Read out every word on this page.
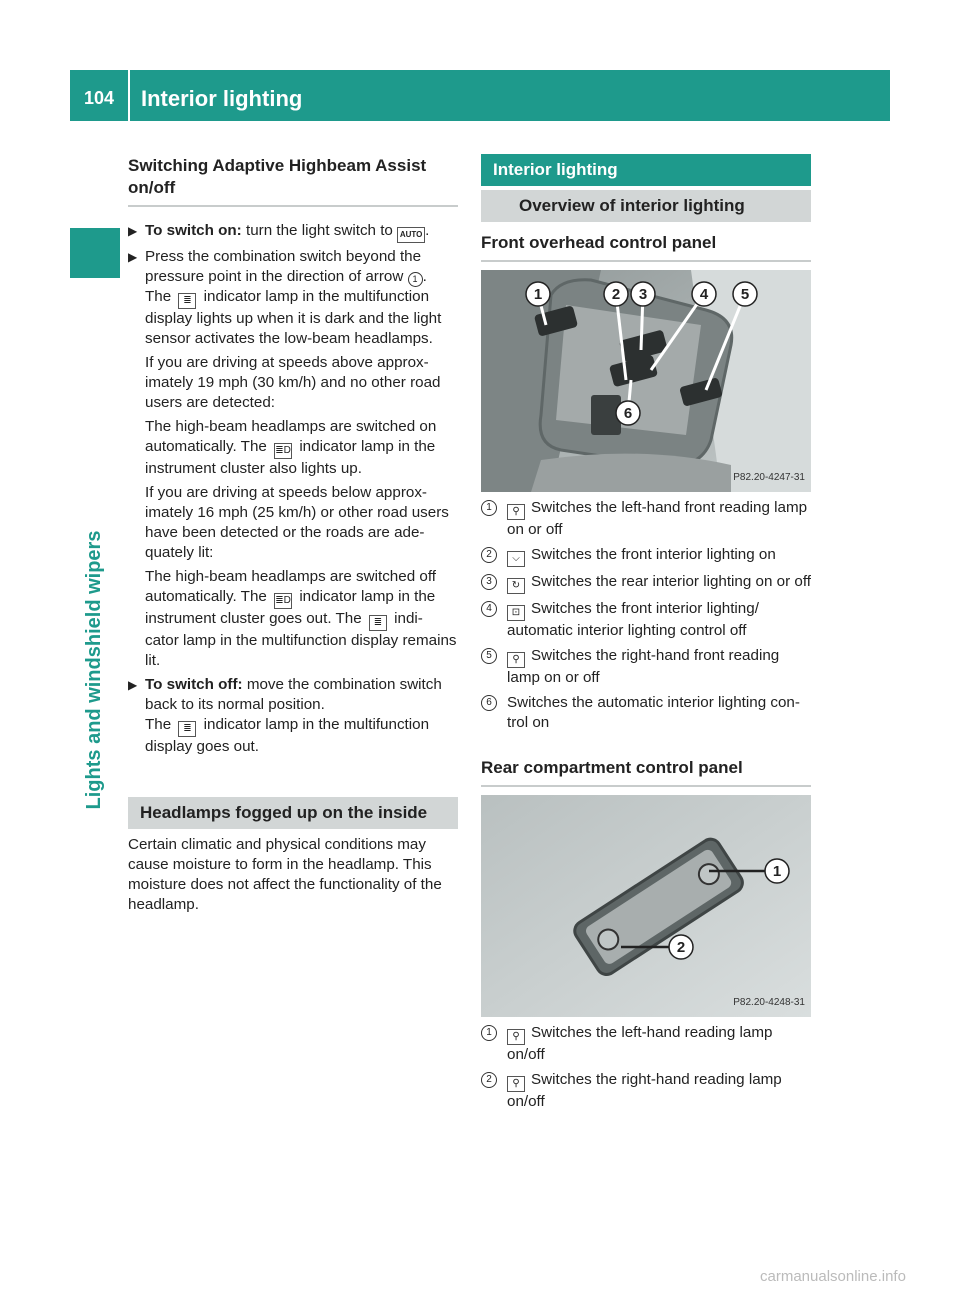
104 Interior lighting
Lights and windshield wipers
Switching Adaptive Highbeam Assist on/off
▶ To switch on: turn the light switch to AUTO .
▶ Press the combination switch beyond the pressure point in the direction of arrow 1 .
The ≣ indicator lamp in the multifunction display lights up when it is dark and the light sensor activates the low-beam headlamps.

If you are driving at speeds above approx- imately 19 mph (30 km/h) and no other road users are detected:

The high-beam headlamps are switched on automatically. The ≣D indicator lamp in the instrument cluster also lights up.

If you are driving at speeds below approx- imately 16 mph (25 km/h) or other road users have been detected or the roads are ade- quately lit:

The high-beam headlamps are switched off automatically. The ≣D indicator lamp in the instrument cluster goes out. The ≣ indi- cator lamp in the multifunction display remains lit.

▶ To switch off: move the combination switch back to its normal position.
The ≣ indicator lamp in the multifunction display goes out.
Headlamps fogged up on the inside

Certain climatic and physical conditions may cause moisture to form in the headlamp. This moisture does not affect the functionality of the headlamp.

Interior lighting
Overview of interior lighting
Front overhead control panel
1	2 3	4 5
6
P82.20-4247-31
1	⚲ Switches the left-hand front reading lamp on or off
2	⌵ Switches the front interior lighting on
3	↻ Switches the rear interior lighting on or off
4	⊡ Switches the front interior lighting/ automatic interior lighting control off
5	⚲ Switches the right-hand front reading lamp on or off
6	Switches the automatic interior lighting con- trol on
Rear compartment control panel
1
2
P82.20-4248-31
1	⚲ Switches the left-hand reading lamp on/off
2	⚲ Switches the right-hand reading lamp on/off
carmanualsonline.info
